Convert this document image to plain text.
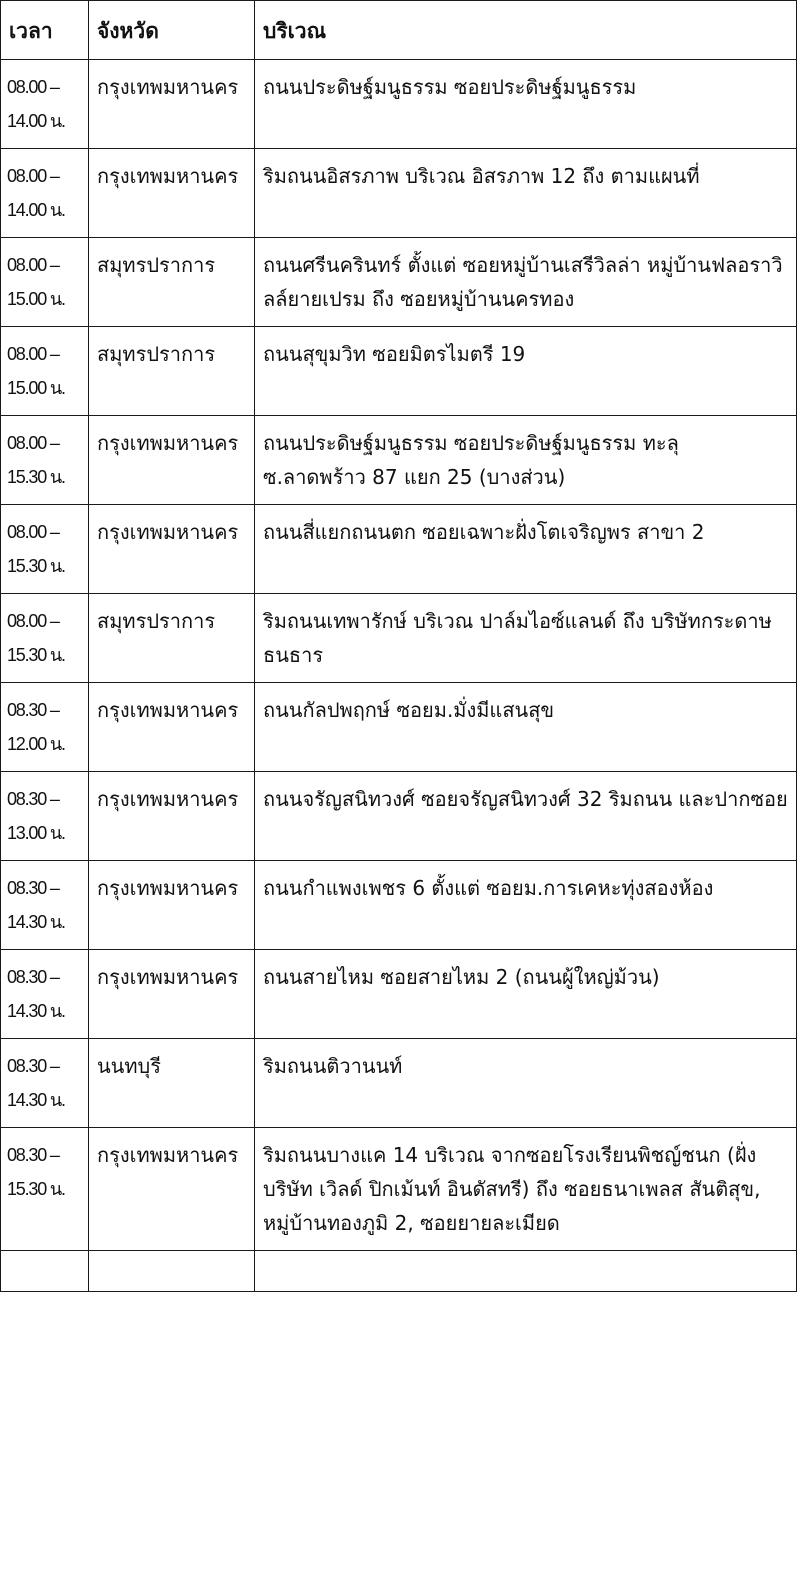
เวลา	จังหวัด	บริเวณ

08.00 –
14.00 น.	กรุงเทพมหานคร	ถนนประดิษฐ์มนูธรรม ซอยประดิษฐ์มนูธรรม

08.00 –
14.00 น.	กรุงเทพมหานคร	ริมถนนอิสรภาพ บริเวณ อิสรภาพ 12 ถึง ตามแผนที่

08.00 –
15.00 น.	สมุทรปราการ	ถนนศรีนครินทร์ ตั้งแต่ ซอยหมู่บ้านเสรีวิลล่า หมู่บ้านฟลอราวิลล์ยายเปรม ถึง ซอยหมู่บ้านนครทอง

08.00 –
15.00 น.	สมุทรปราการ	ถนนสุขุมวิท ซอยมิตรไมตรี 19

08.00 –
15.30 น.	กรุงเทพมหานคร	ถนนประดิษฐ์มนูธรรม ซอยประดิษฐ์มนูธรรม ทะลุ ซ.ลาดพร้าว 87 แยก 25 (บางส่วน)

08.00 –
15.30 น.	กรุงเทพมหานคร	ถนนสี่แยกถนนตก ซอยเฉพาะฝั่งโตเจริญพร สาขา 2

08.00 –
15.30 น.	สมุทรปราการ	ริมถนนเทพารักษ์ บริเวณ ปาล์มไอซ์แลนด์ ถึง บริษัทกระดาษธนธาร

08.30 –
12.00 น.	กรุงเทพมหานคร	ถนนกัลปพฤกษ์ ซอยม.มั่งมีแสนสุข

08.30 –
13.00 น.	กรุงเทพมหานคร	ถนนจรัญสนิทวงศ์ ซอยจรัญสนิทวงศ์ 32 ริมถนน และปากซอย

08.30 –
14.30 น.	กรุงเทพมหานคร	ถนนกำแพงเพชร 6 ตั้งแต่ ซอยม.การเคหะทุ่งสองห้อง

08.30 –
14.30 น.	กรุงเทพมหานคร	ถนนสายไหม ซอยสายไหม 2 (ถนนผู้ใหญ่ม้วน)

08.30 –
14.30 น.	นนทบุรี	ริมถนนติวานนท์

08.30 –
15.30 น.	กรุงเทพมหานคร	ริมถนนบางแค 14 บริเวณ จากซอยโรงเรียนพิชญ์ชนก (ฝั่งบริษัท เวิลด์ ปิกเม้นท์ อินดัสทรี) ถึง ซอยธนาเพลส สันติสุข, หมู่บ้านทองภูมิ 2, ซอยยายละเมียด
